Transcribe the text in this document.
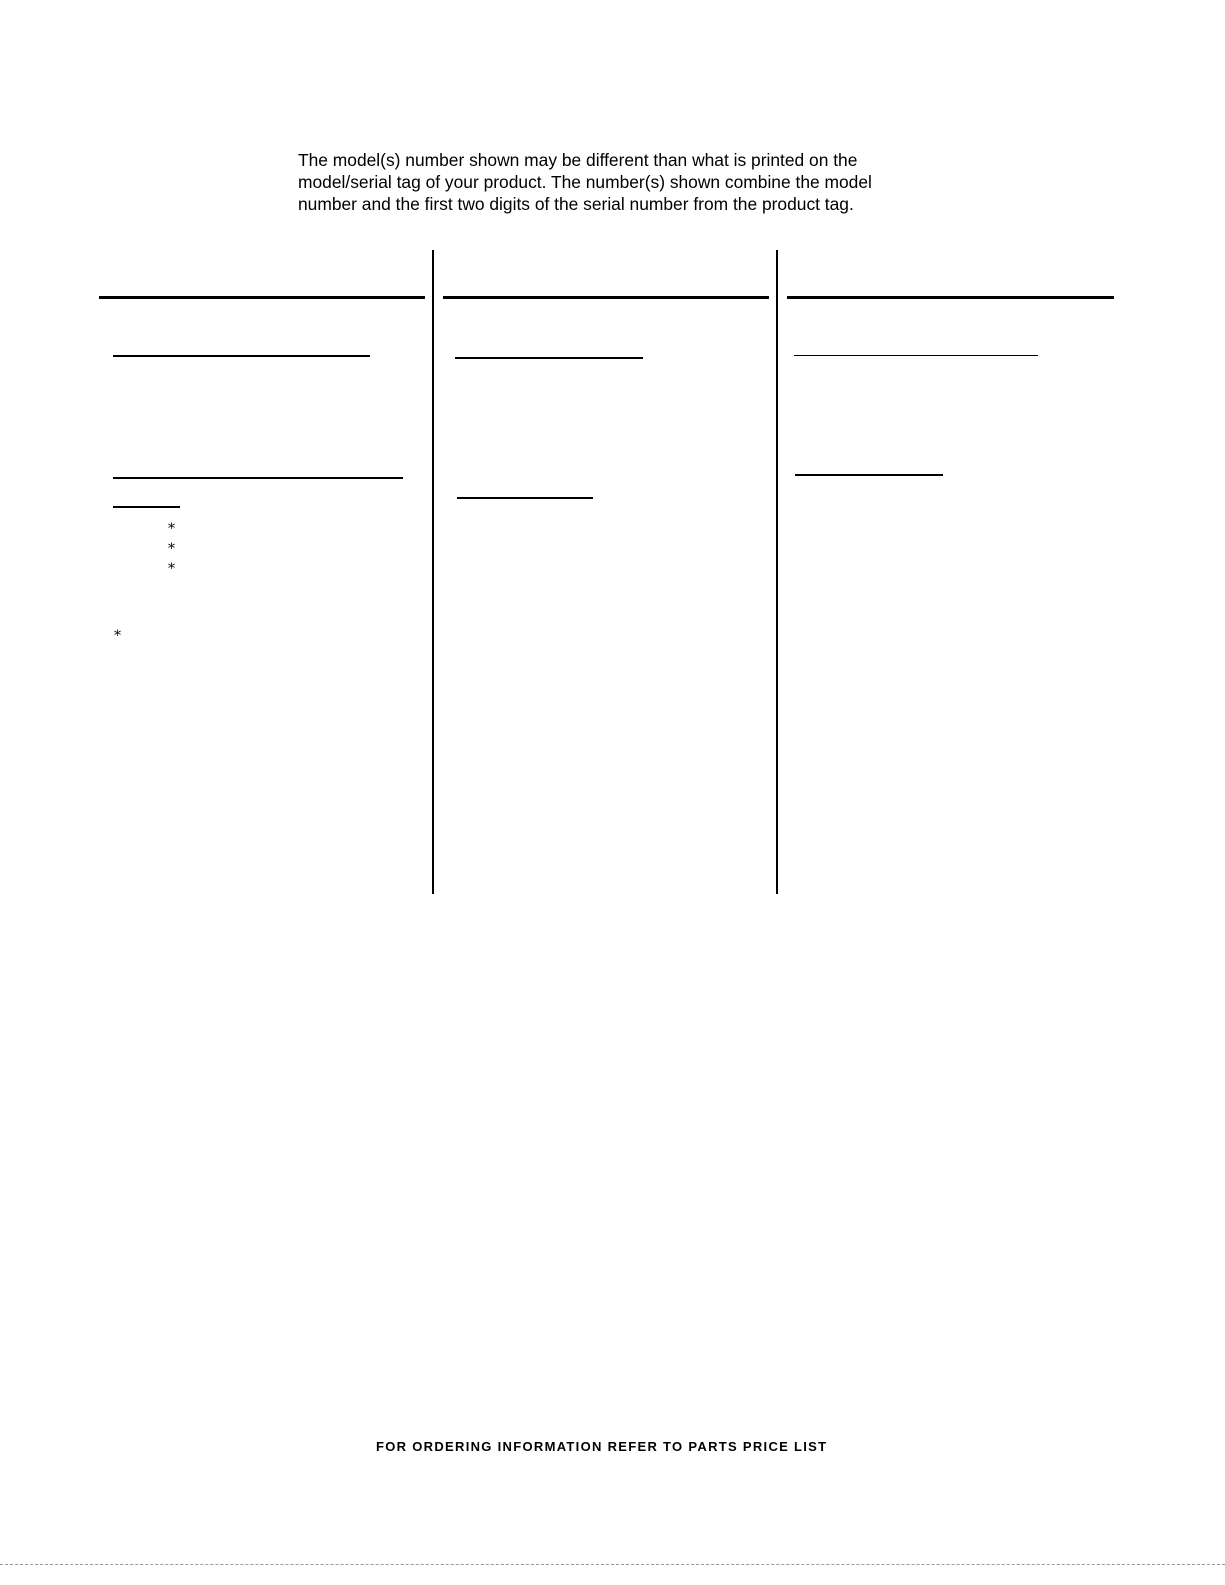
The model(s) number shown may be different than what is printed on the
model/serial tag of your product. The number(s) shown combine the model
number and the first two digits of the serial number from the product tag.

*
*
*
*

FOR ORDERING INFORMATION REFER TO PARTS PRICE LIST
